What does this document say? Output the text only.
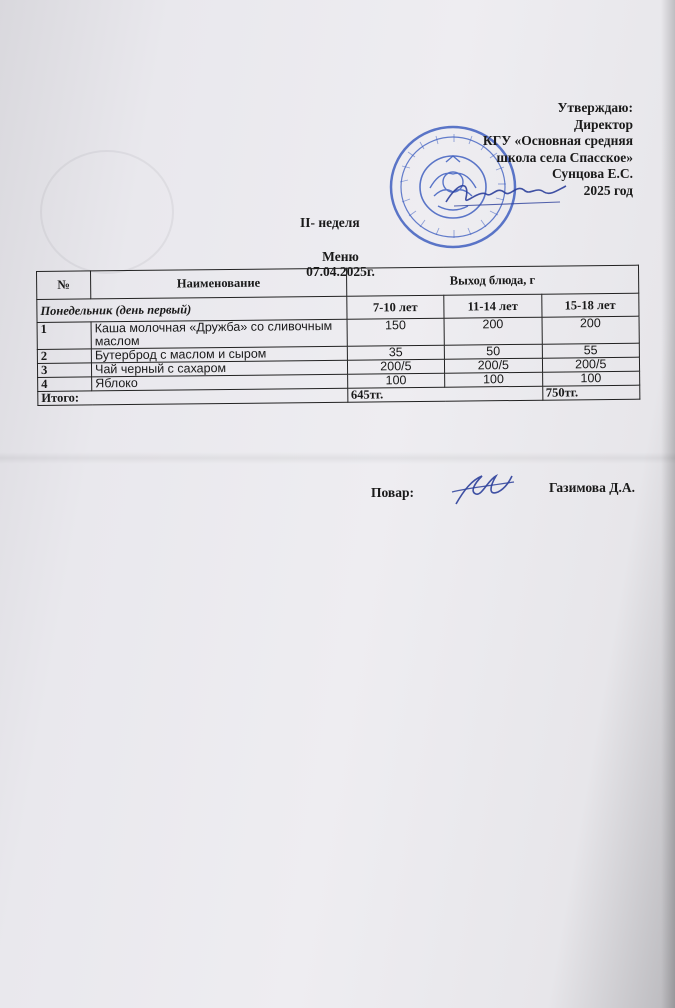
Утверждаю:
Директор
КГУ «Основная средняя
школа села Спасское»
Сунцова Е.С.
2025 год
II- неделя
Меню
07.04.2025г.
№	Наименование	Выход блюда, г		
Понедельник (день первый)		7-10 лет	11-14 лет	15-18 лет
1	Каша молочная «Дружба» со сливочным маслом	150	200	200
2	Бутерброд с маслом и сыром	35	50	55
3	Чай черный с сахаром	200/5	200/5	200/5
4	Яблоко	100	100	100
Итого:		645тг.		750тг.
Повар:	Газимова Д.А.
